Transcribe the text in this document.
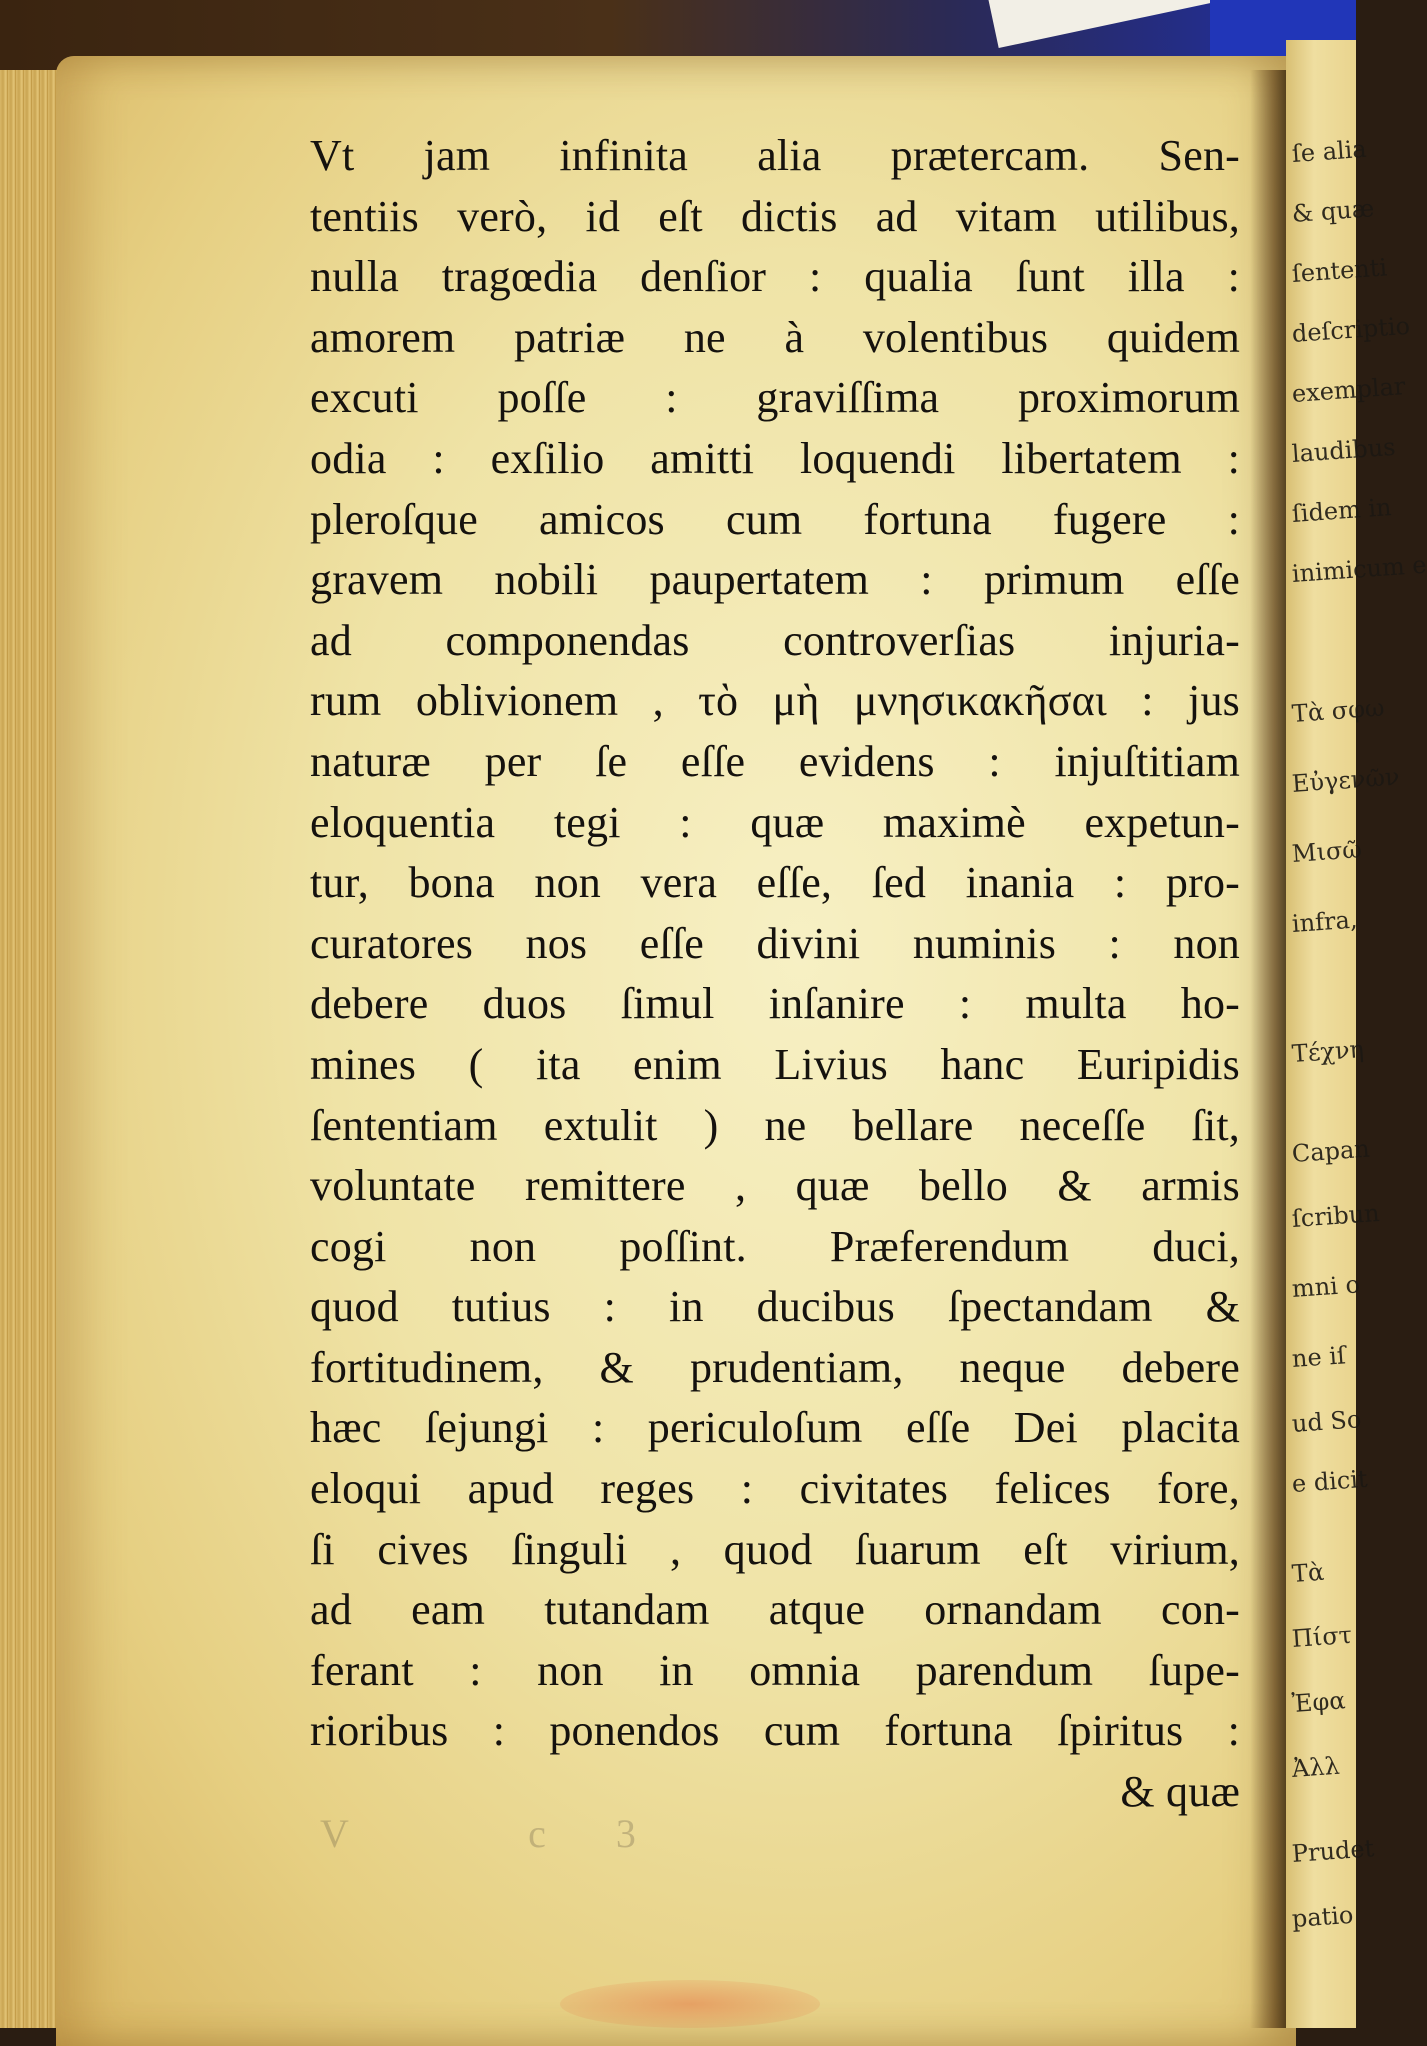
Vt jam infinita alia prætercam. Sen-
tentiis verò, id eſt dictis ad vitam utilibus,
nulla tragœdia denſior : qualia ſunt illa :
amorem patriæ ne à volentibus quidem
excuti poſſe : graviſſima proximorum
odia : exſilio amitti loquendi libertatem :
pleroſque amicos cum fortuna fugere :
gravem nobili paupertatem : primum eſſe
ad componendas controverſias injuria-
rum oblivionem , τὸ μὴ μνησικακῆσαι : jus
naturæ per ſe eſſe evidens : injuſtitiam
eloquentia tegi : quæ maximè expetun-
tur, bona non vera eſſe, ſed inania : pro-
curatores nos eſſe divini numinis : non
debere duos ſimul inſanire : multa ho-
mines ( ita enim Livius hanc Euripidis
ſententiam extulit ) ne bellare neceſſe ſit,
voluntate remittere , quæ bello & armis
cogi non poſſint. Præferendum duci,
quod tutius : in ducibus ſpectandam &
fortitudinem, & prudentiam, neque debere
hæc ſejungi : periculoſum eſſe Dei placita
eloqui apud reges : civitates felices fore,
ſi cives ſinguli , quod ſuarum eſt virium,
ad eam tutandam atque ornandam con-
ferant : non in omnia parendum ſupe-
rioribus : ponendos cum fortuna ſpiritus :
& quæ
V   c 3
ſe alia
& quæ
ſententi
deſcriptio
exemplar
laudibus
ſidem in
inimicum e
Τὰ σφω
Εὐγενῶν
Μισῶ
infra,
Τέχνη
Capan
ſcribun
mni o
ne iſ
ud So
e dicit
Τὰ
Πίστ
Ἐφα
Ἀλλ
Prudet
patio
